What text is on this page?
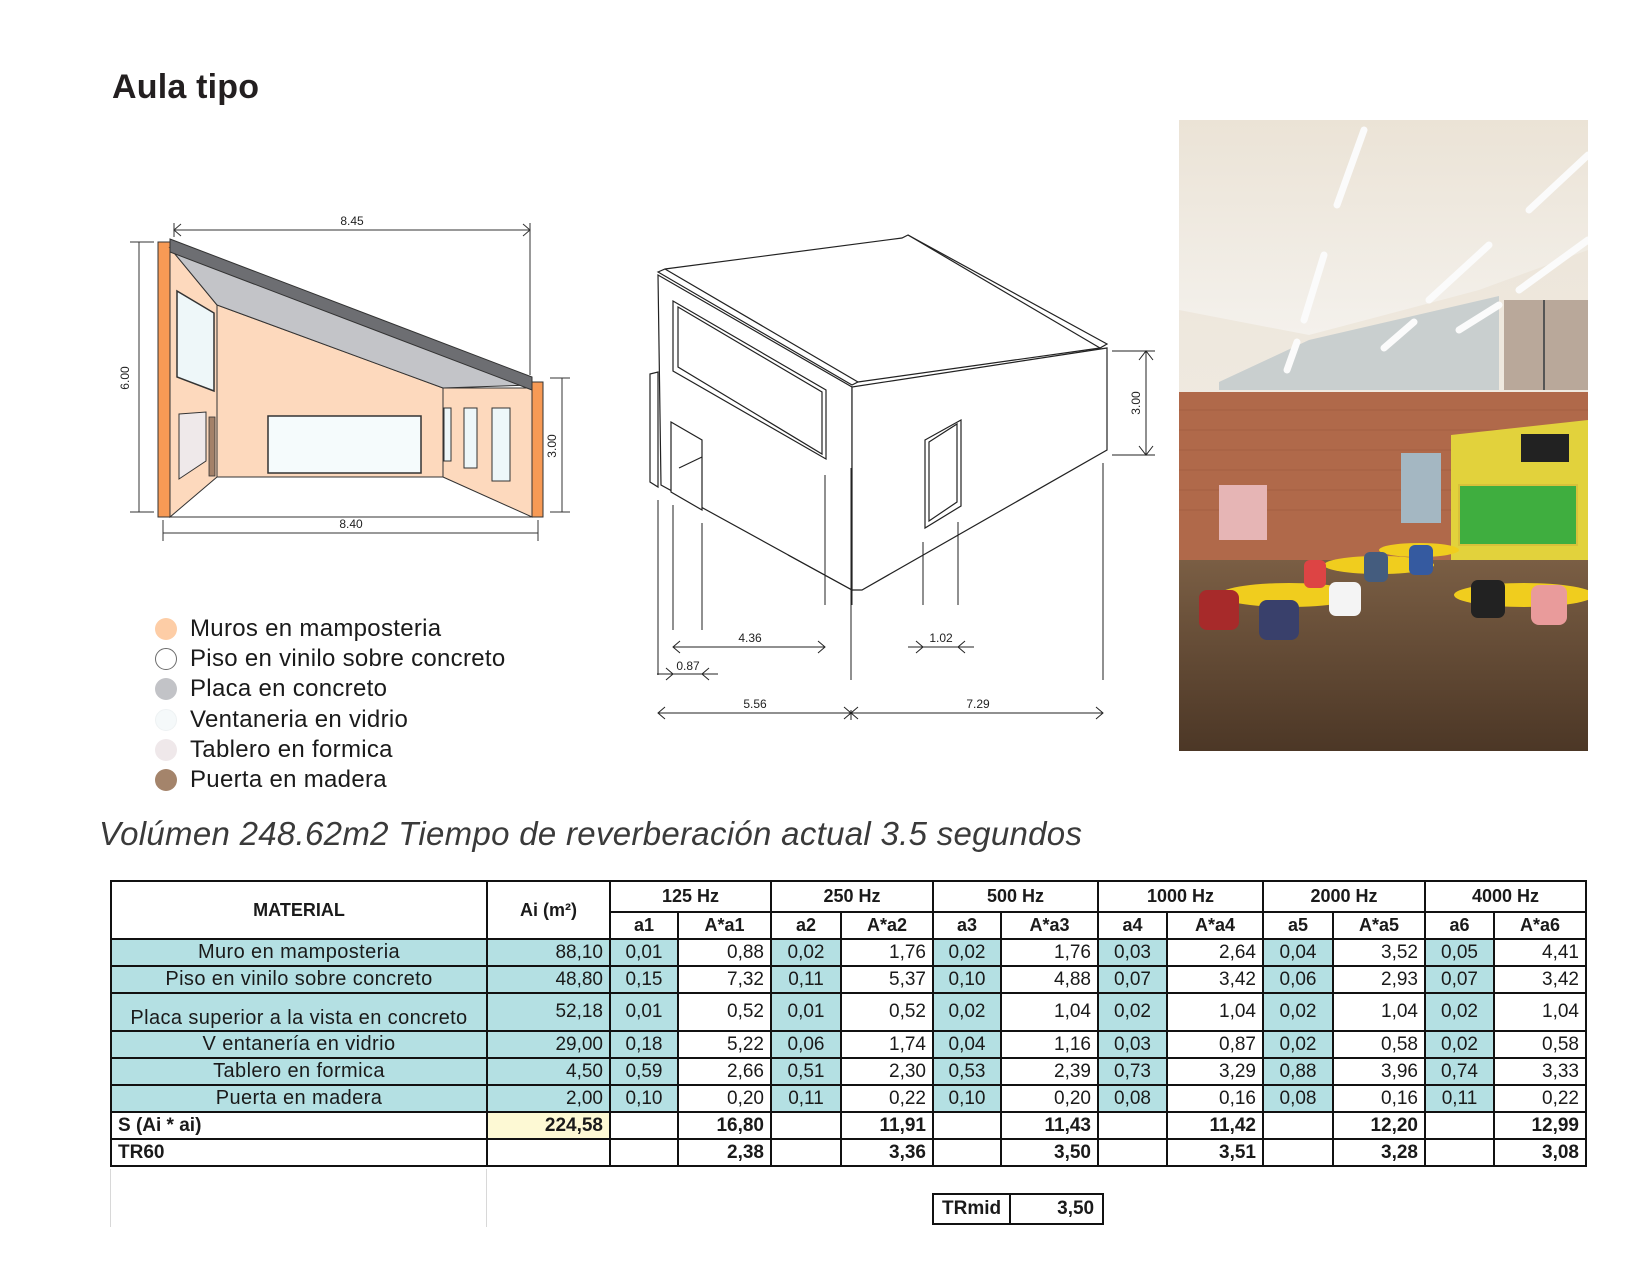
Aula tipo
8.45
6.00
3.00
8.40
3.00
4.36
0.87
1.02
5.56	7.29
Muros en mamposteria
Piso en vinilo sobre concreto
Placa en concreto
Ventaneria en vidrio
Tablero en formica
Puerta en madera
Volúmen 248.62m2 Tiempo de reverberación actual 3.5 segundos
MATERIAL	Ai (m²)	125 Hz		250 Hz		500 Hz		1000 Hz		2000 Hz		4000 Hz	
		a1	A*a1	a2	A*a2	a3	A*a3	a4	A*a4	a5	A*a5	a6	A*a6
Muro en mamposteria	88,10	0,01	0,88	0,02	1,76	0,02	1,76	0,03	2,64	0,04	3,52	0,05	4,41
Piso en vinilo sobre concreto	48,80	0,15	7,32	0,11	5,37	0,10	4,88	0,07	3,42	0,06	2,93	0,07	3,42
Placa superior a la vista en concreto	52,18	0,01	0,52	0,01	0,52	0,02	1,04	0,02	1,04	0,02	1,04	0,02	1,04
V entanería en vidrio	29,00	0,18	5,22	0,06	1,74	0,04	1,16	0,03	0,87	0,02	0,58	0,02	0,58
Tablero en formica	4,50	0,59	2,66	0,51	2,30	0,53	2,39	0,73	3,29	0,88	3,96	0,74	3,33
Puerta en madera	2,00	0,10	0,20	0,11	0,22	0,10	0,20	0,08	0,16	0,08	0,16	0,11	0,22
S (Ai * ai)	224,58		16,80		11,91		11,43		11,42		12,20		12,99
TR60			2,38		3,36		3,50		3,51		3,28		3,08
TRmid	3,50
